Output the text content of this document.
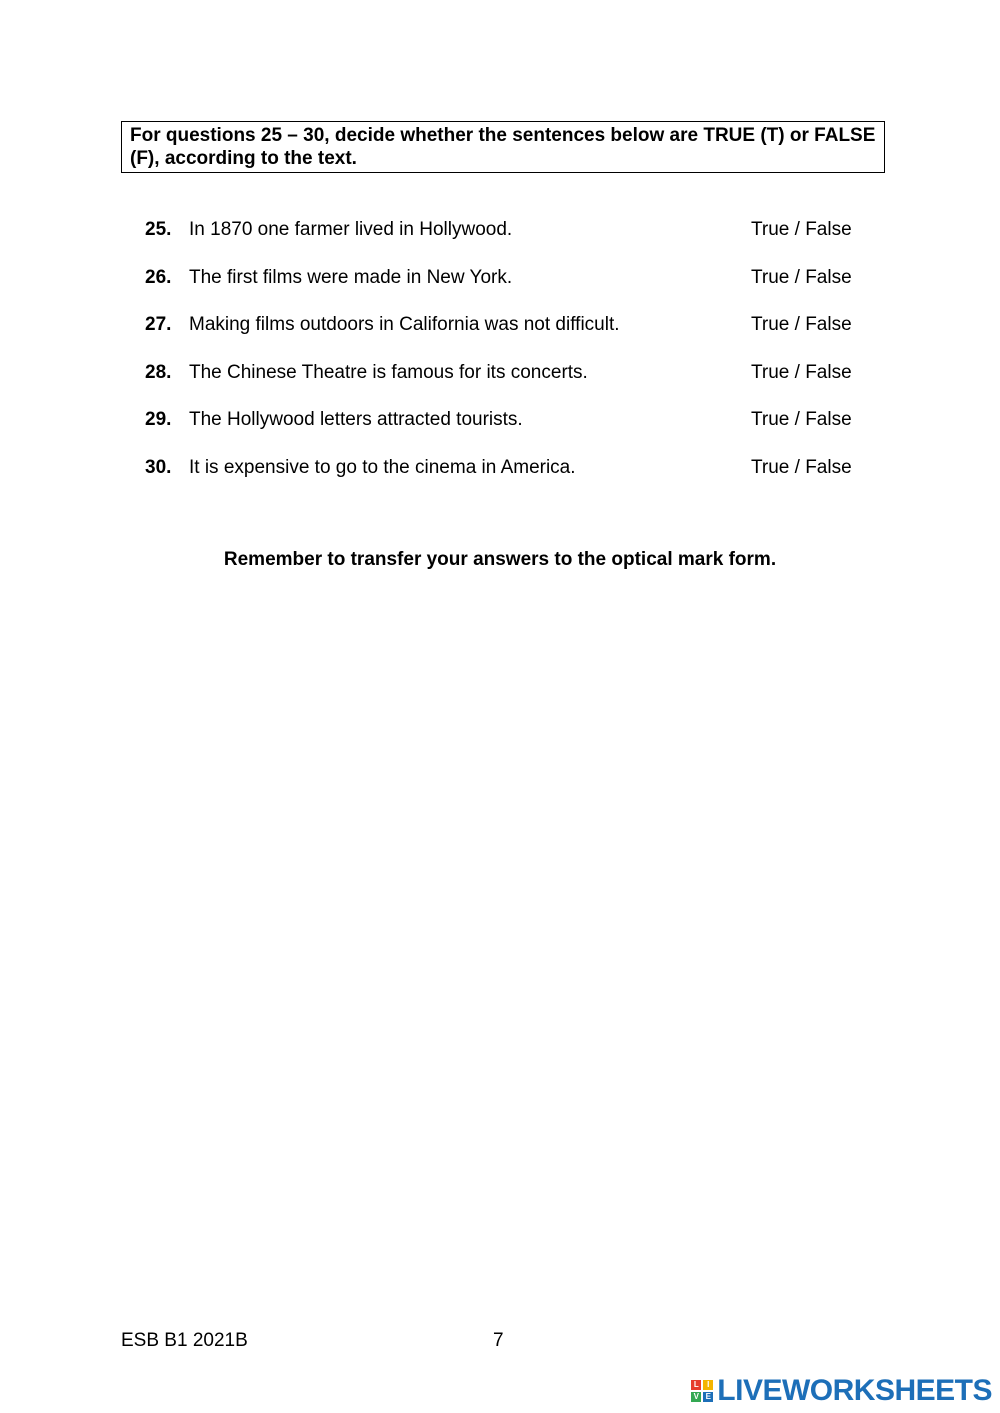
For questions 25 – 30, decide whether the sentences below are TRUE (T) or FALSE (F), according to the text.
25. In 1870 one farmer lived in Hollywood.	True / False
26. The first films were made in New York.	True / False
27. Making films outdoors in California was not difficult.	True / False
28. The Chinese Theatre is famous for its concerts.	True / False
29. The Hollywood letters attracted tourists.	True / False
30. It is expensive to go to the cinema in America.	True / False
Remember to transfer your answers to the optical mark form.
ESB B1 2021B	7
L	I
V E LIVEWORKSHEETS
